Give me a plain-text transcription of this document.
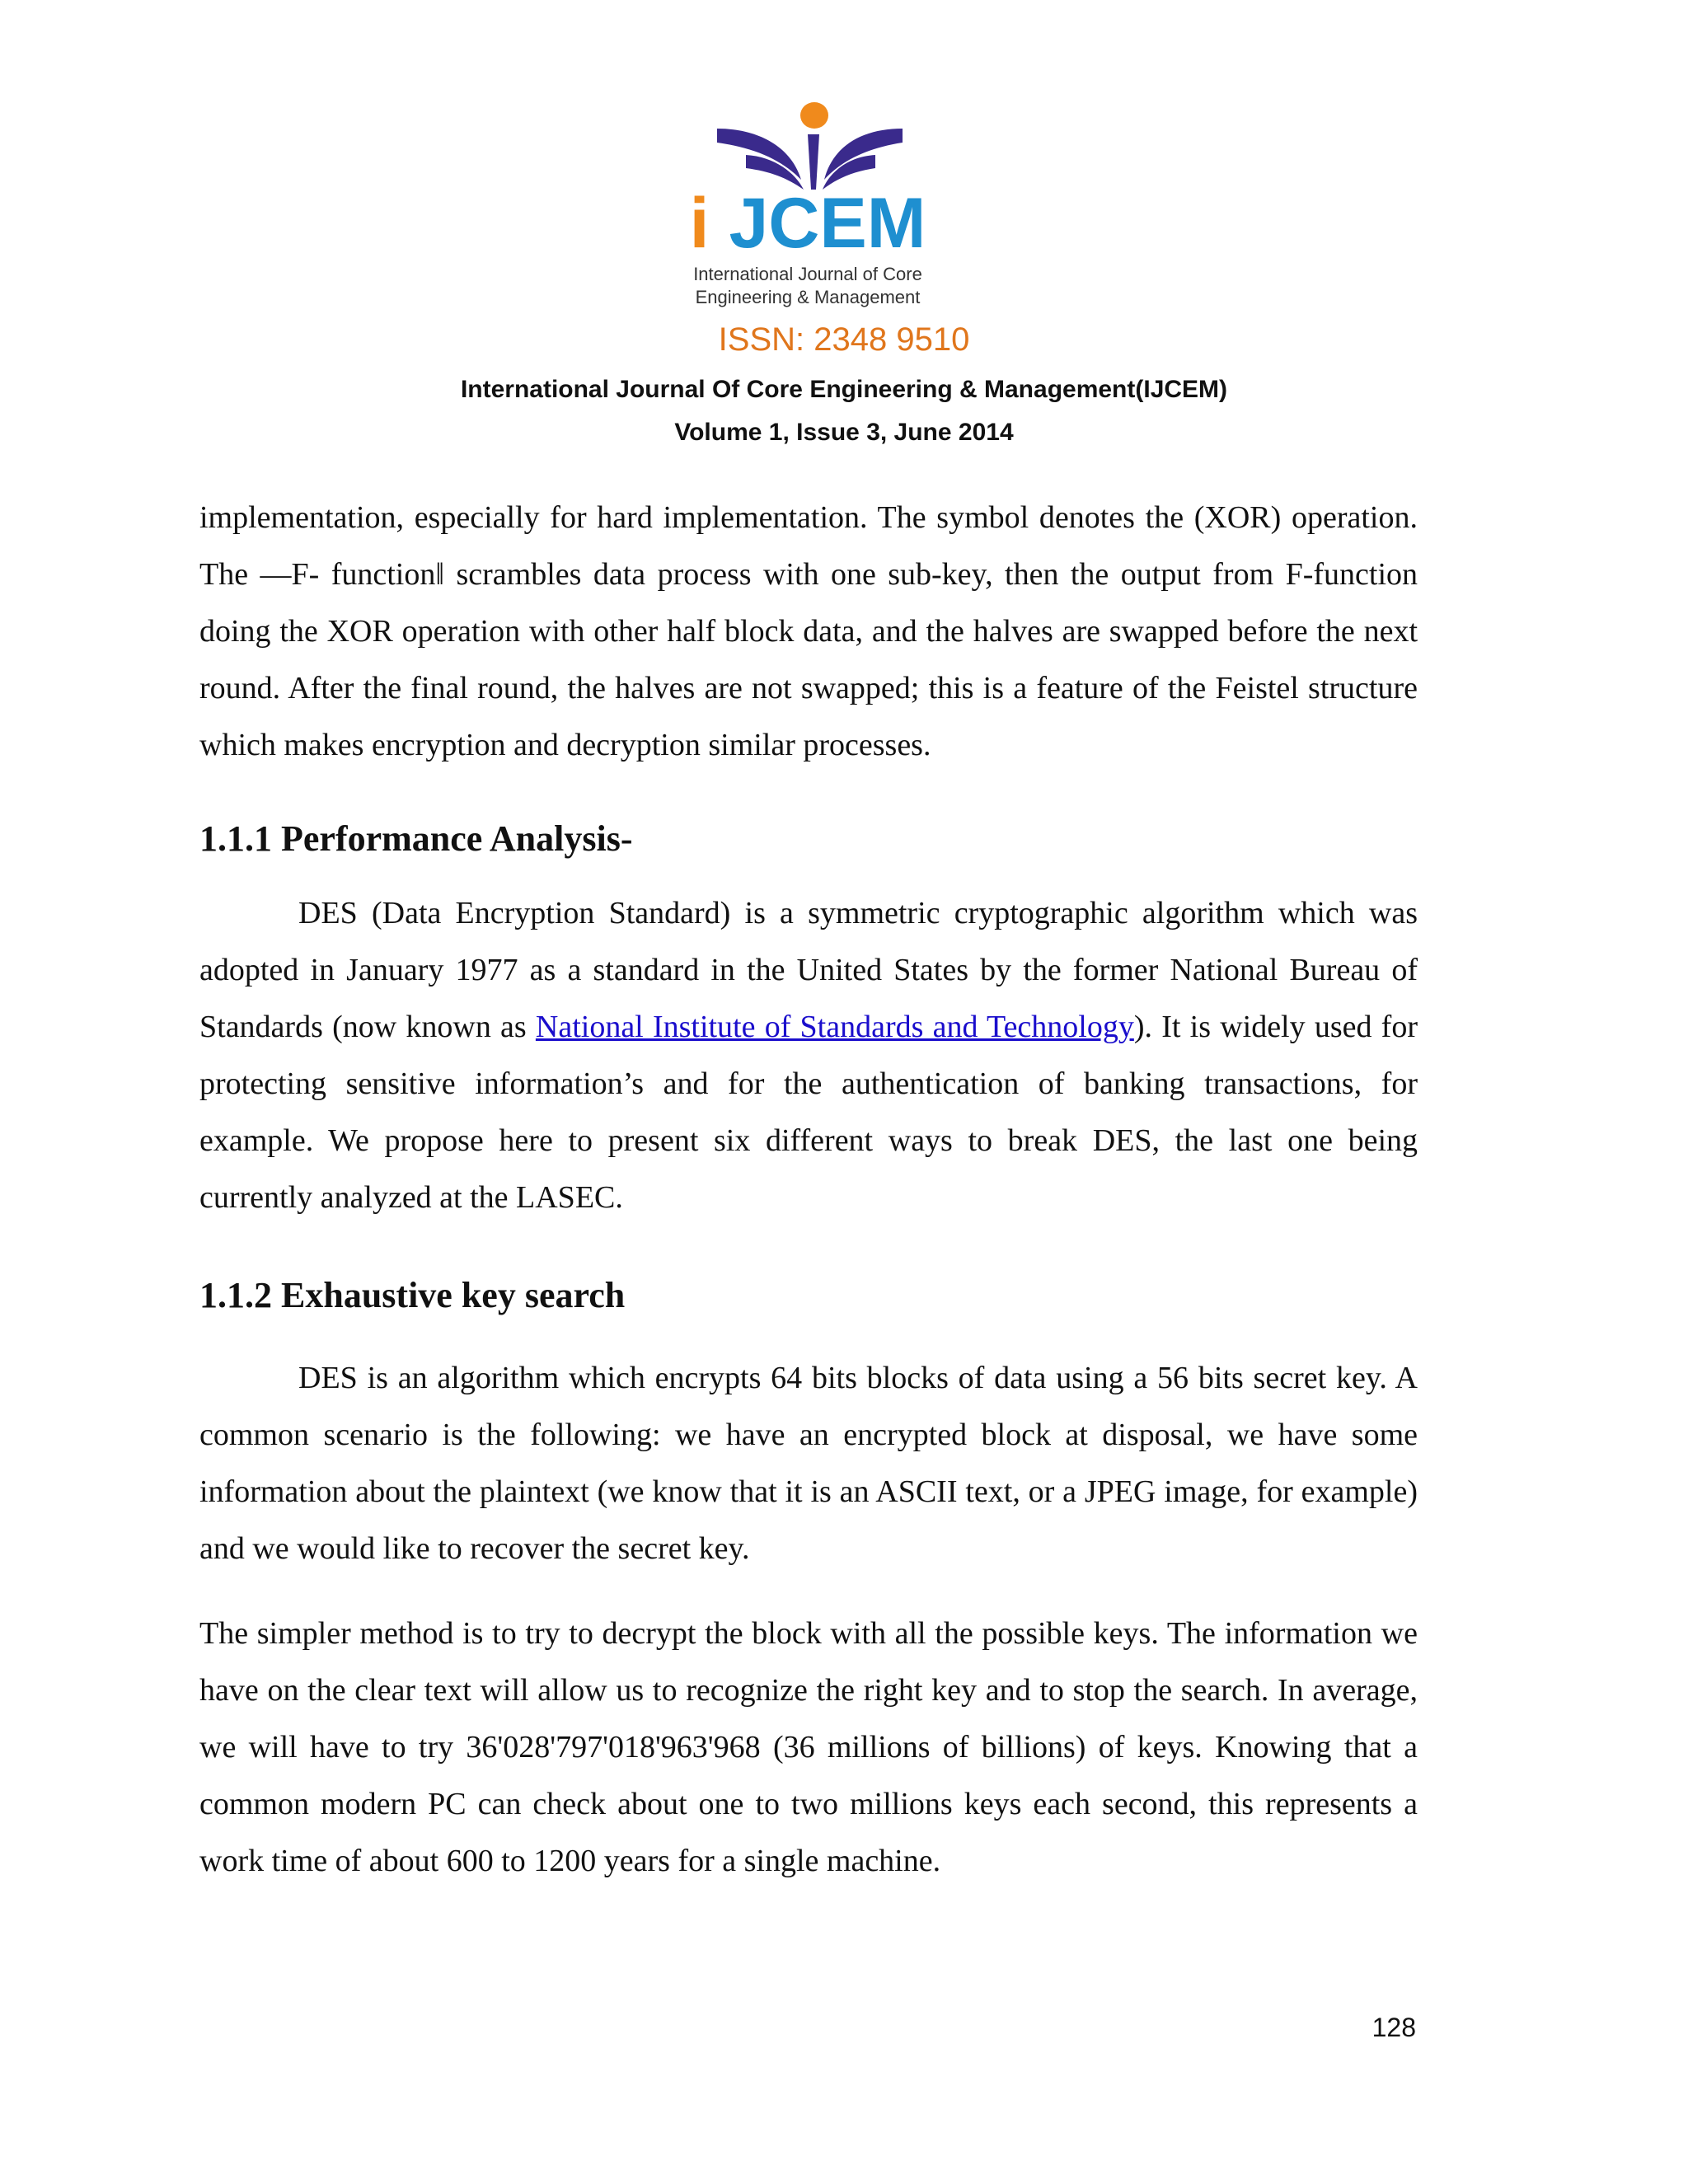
i JCEM
International Journal of Core
Engineering & Management
ISSN: 2348 9510
International Journal Of Core Engineering & Management(IJCEM)
Volume 1, Issue 3, June 2014

implementation, especially for hard implementation. The symbol denotes the (XOR) operation. The ―F- function‖ scrambles data process with one sub-key, then the output from F-function doing the XOR operation with other half block data, and the halves are swapped before the next round. After the final round, the halves are not swapped; this is a feature of the Feistel structure which makes encryption and decryption similar processes.

1.1.1 Performance Analysis-

DES (Data Encryption Standard) is a symmetric cryptographic algorithm which was adopted in January 1977 as a standard in the United States by the former National Bureau of Standards (now known as National Institute of Standards and Technology). It is widely used for protecting sensitive information’s and for the authentication of banking transactions, for example. We propose here to present six different ways to break DES, the last one being currently analyzed at the LASEC.

1.1.2 Exhaustive key search

DES is an algorithm which encrypts 64 bits blocks of data using a 56 bits secret key. A common scenario is the following: we have an encrypted block at disposal, we have some information about the plaintext (we know that it is an ASCII text, or a JPEG image, for example) and we would like to recover the secret key.

The simpler method is to try to decrypt the block with all the possible keys. The information we have on the clear text will allow us to recognize the right key and to stop the search. In average, we will have to try 36'028'797'018'963'968 (36 millions of billions) of keys. Knowing that a common modern PC can check about one to two millions keys each second, this represents a work time of about 600 to 1200 years for a single machine.

128
